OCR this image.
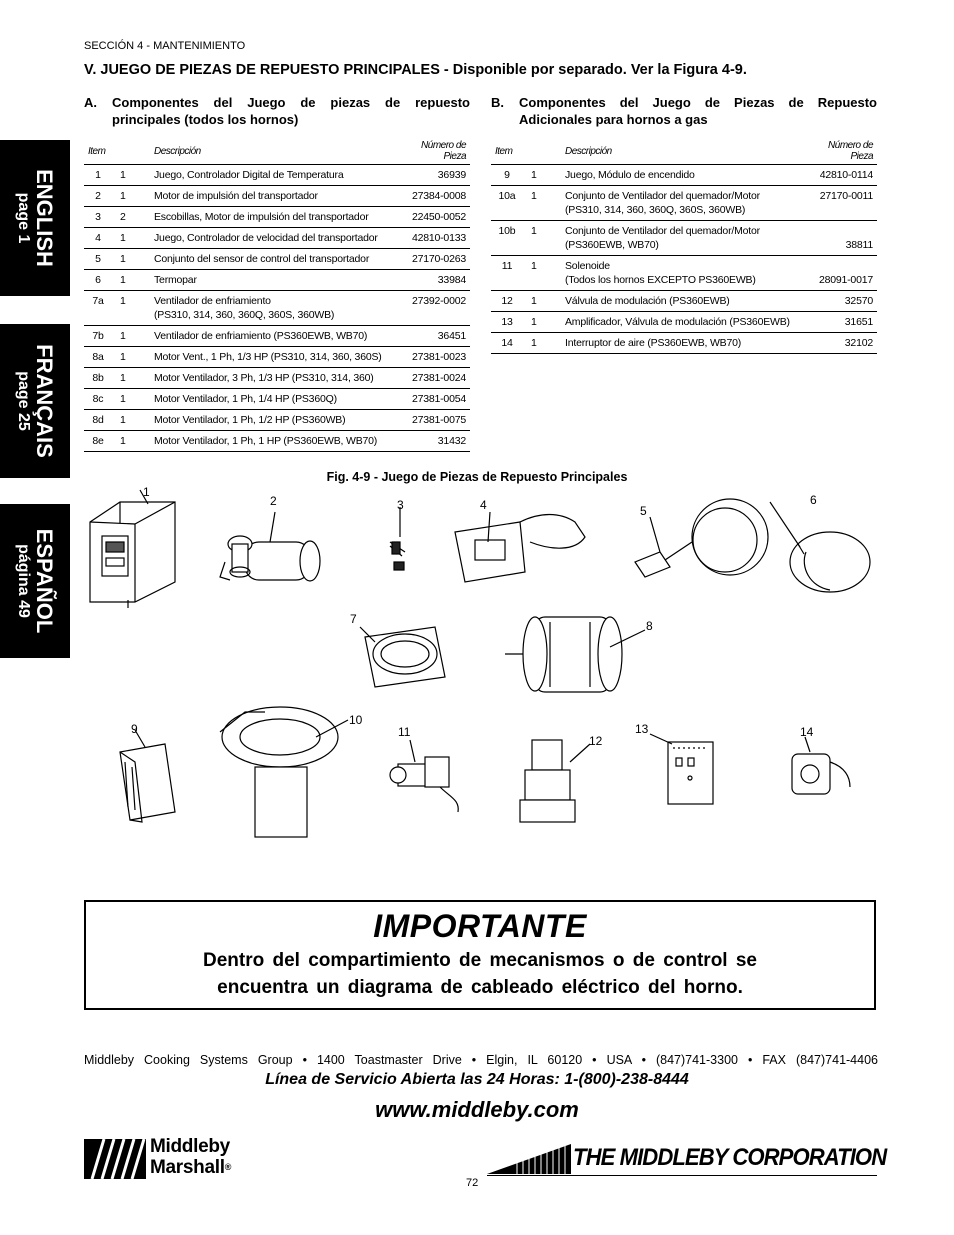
SECCIÓN 4 - MANTENIMIENTO
V. JUEGO DE PIEZAS DE REPUESTO PRINCIPALES - Disponible por separado. Ver la Figura 4-9.
ENGLISH
page 1
FRANÇAIS
page 25
ESPAÑOL
página 49
A. Componentes del Juego de piezas de repuesto principales (todos los hornos)
Item		Descripción	Número de Pieza
1	1	Juego, Controlador Digital de Temperatura	36939
2	1	Motor de impulsión del transportador	27384-0008
3	2	Escobillas, Motor de impulsión del transportador	22450-0052
4	1	Juego, Controlador de velocidad del transportador	42810-0133
5	1	Conjunto del sensor de control del transportador	27170-0263
6	1	Termopar	33984
7a	1	Ventilador de enfriamiento
(PS310, 314, 360, 360Q, 360S, 360WB)	27392-0002
7b	1	Ventilador de enfriamiento (PS360EWB, WB70)	36451
8a	1	Motor Vent., 1 Ph, 1/3 HP (PS310, 314, 360, 360S)	27381-0023
8b	1	Motor Ventilador, 3 Ph, 1/3 HP (PS310, 314, 360)	27381-0024
8c	1	Motor Ventilador, 1 Ph, 1/4 HP (PS360Q)	27381-0054
8d	1	Motor Ventilador, 1 Ph, 1/2 HP (PS360WB)	27381-0075
8e	1	Motor Ventilador, 1 Ph, 1 HP (PS360EWB, WB70)	31432
B. Componentes del Juego de Piezas de Repuesto Adicionales para hornos a gas
Item		Descripción	Número de Pieza
9	1	Juego, Módulo de encendido	42810-0114
10a	1	Conjunto de Ventilador del quemador/Motor
(PS310, 314, 360, 360Q, 360S, 360WB)	27170-0011
10b	1	Conjunto de Ventilador del quemador/Motor
(PS360EWB, WB70)	38811
11	1	Solenoide
(Todos los hornos EXCEPTO PS360EWB)	28091-0017
12	1	Válvula de modulación (PS360EWB)	32570
13	1	Amplificador, Válvula de modulación (PS360EWB)	31651
14	1	Interruptor de aire (PS360EWB, WB70)	32102
Fig. 4-9 - Juego de Piezas de Repuesto Principales
1
2	3	4	5
6
7	8
9
10
11
12
13	14
IMPORTANTE
Dentro del compartimiento de mecanismos o de control se
encuentra un diagrama de cableado eléctrico del horno.
Middleby Cooking Systems Group • 1400 Toastmaster Drive • Elgin, IL 60120 • USA • (847)741-3300 • FAX (847)741-4406
Línea de Servicio Abierta las 24 Horas: 1-(800)-238-8444
www.middleby.com
Middleby
Marshall®	THE MIDDLEBY CORPORATION
72
